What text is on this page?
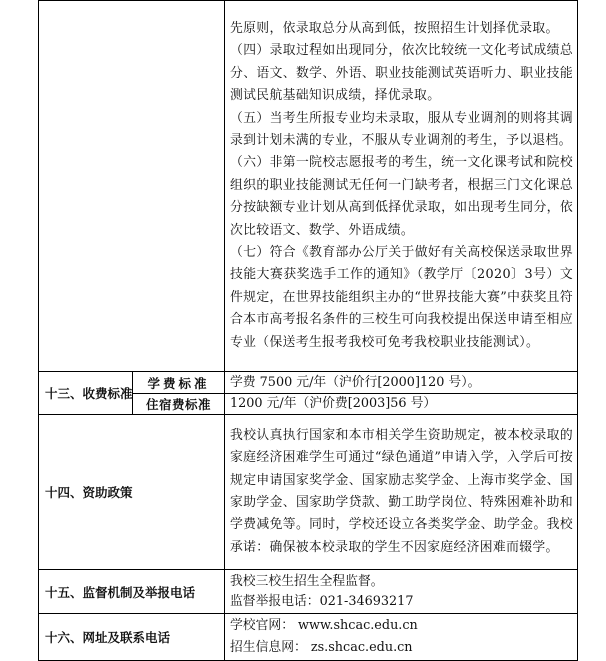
		先原则，依录取总分从高到低，按照招生计划择优录取。

（四）录取过程如出现同分，依次比较统一文化考试成绩总分、语文、数学、外语、职业技能测试英语听力、职业技能测试民航基础知识成绩，择优录取。

（五）当考生所报专业均未录取，服从专业调剂的则将其调录到计划未满的专业，不服从专业调剂的考生，予以退档。

（六）非第一院校志愿报考的考生，统一文化课考试和院校组织的职业技能测试无任何一门缺考者，根据三门文化课总分按缺额专业计划从高到低择优录取，如出现考生同分，依次比较语文、数学、外语成绩。

（七）符合《教育部办公厅关于做好有关高校保送录取世界技能大赛获奖选手工作的通知》（教学厅〔2020〕3号）文件规定，在世界技能组织主办的“世界技能大赛”中获奖且符合本市高考报名条件的三校生可向我校提出保送申请至相应专业（保送考生报考我校可免考我校职业技能测试）。

十三、收费标准	学费标准	学费 7500 元/年（沪价行[2000]120 号）。
	住宿费标准	1200 元/年（沪价费[2003]56 号）
十四、资助政策		我校认真执行国家和本市相关学生资助规定，被本校录取的家庭经济困难学生可通过“绿色通道”申请入学，入学后可按规定申请国家奖学金、国家励志奖学金、上海市奖学金、国家助学金、国家助学贷款、勤工助学岗位、特殊困难补助和学费减免等。同时，学校还设立各类奖学金、助学金。我校承诺：确保被本校录取的学生不因家庭经济困难而辍学。

十五、监督机制及举报电话		我校三校生招生全程监督。
监督举报电话：021-34693217

十六、网址及联系电话		学校官网： www.shcac.edu.cn
招生信息网： zs.shcac.edu.cn
